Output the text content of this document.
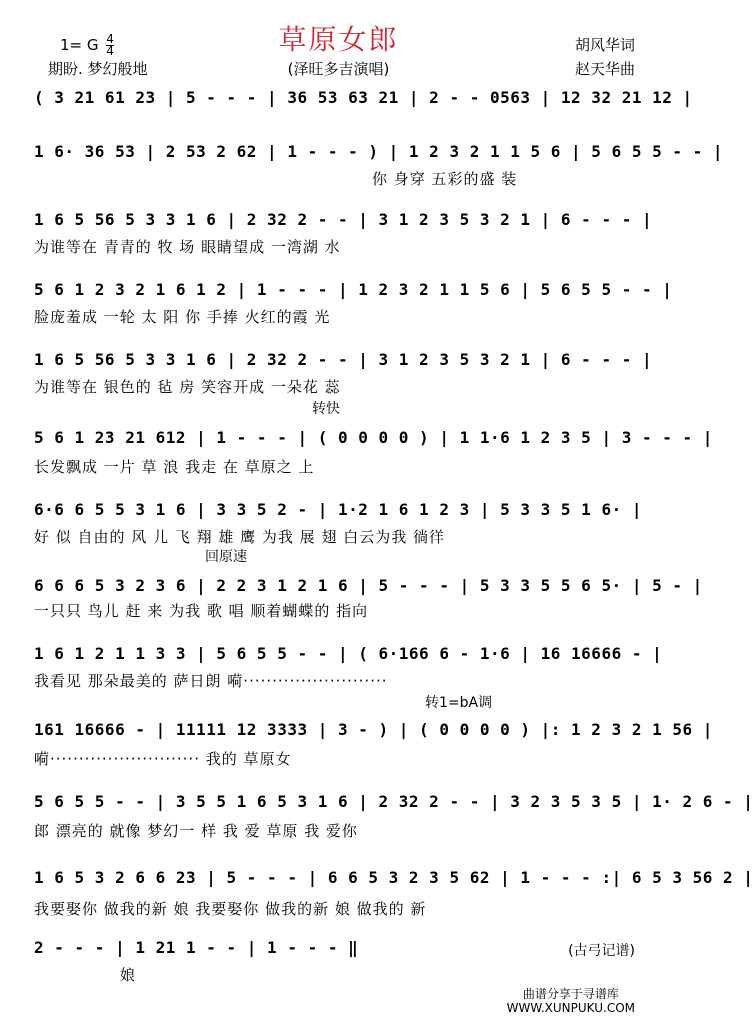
草原女郎
1= G $\frac{4}{4}$
期盼. 梦幻般地	(泽旺多吉演唱)
胡风华词
赵天华曲
( 3 21 61 23 | 5 - - - | 36 53 63 21 | 2 - - 0563 | 12 32 21 12 |
1 6· 36 53 | 2 53 2 62 | 1 - - - ) | 1 2 3 2 1 1 5 6 | 5 6 5 5 - - |
你 身穿 五彩的盛 装
1 6 5 56 5 3 3 1 6 | 2 32 2 - - | 3 1 2 3 5 3 2 1 | 6 - - - |
为谁等在 青青的 牧 场 眼睛望成 一湾湖 水
5 6 1 2 3 2 1 6 1 2 | 1 - - - | 1 2 3 2 1 1 5 6 | 5 6 5 5 - - |
脸庞羞成 一轮 太 阳 你 手捧 火红的霞 光
1 6 5 56 5 3 3 1 6 | 2 32 2 - - | 3 1 2 3 5 3 2 1 | 6 - - - |
为谁等在 银色的 毡 房 笑容开成 一朵花 蕊
转快
5 6 1 23 21 612 | 1 - - - | ( 0 0 0 0 ) | 1 1·6 1 2 3 5 | 3 - - - |
长发飘成 一片 草 浪 我走 在 草原之 上
6·6 6 5 5 3 1 6 | 3 3 5 2 - | 1·2 1 6 1 2 3 | 5 3 3 5 1 6· |
好 似 自由的 风 儿 飞 翔 雄 鹰 为我 展 翅 白云为我 徜徉
回原速
6 6 6 5 3 2 3 6 | 2 2 3 1 2 1 6 | 5 - - - | 5 3 3 5 5 6 5· | 5 - |
一只只 鸟儿 赶 来 为我 歌 唱 顺着蝴蝶的 指向
1 6 1 2 1 1 3 3 | 5 6 5 5 - - | ( 6·166 6 - 1·6 | 16 16666 - |
我看见 那朵最美的 萨日朗 嗬·························
转1=bA调
161 16666 - | 11111 12 3333 | 3 - ) | ( 0 0 0 0 ) |: 1 2 3 2 1 56 |
嗬·························· 我的 草原女
5 6 5 5 - - | 3 5 5 1 6 5 3 1 6 | 2 32 2 - - | 3 2 3 5 3 5 | 1· 2 6 - |
郎 漂亮的 就像 梦幻一 样 我 爱 草原 我 爱你
1 6 5 3 2 6 6 23 | 5 - - - | 6 6 5 3 2 3 5 62 | 1 - - - :| 6 5 3 56 2 |
我要娶你 做我的新 娘 我要娶你 做我的新 娘 做我的 新
2 - - - | 1 21 1 - - | 1 - - - ‖
娘
(古弓记谱)
曲谱分享于寻谱库
WWW.XUNPUKU.COM
